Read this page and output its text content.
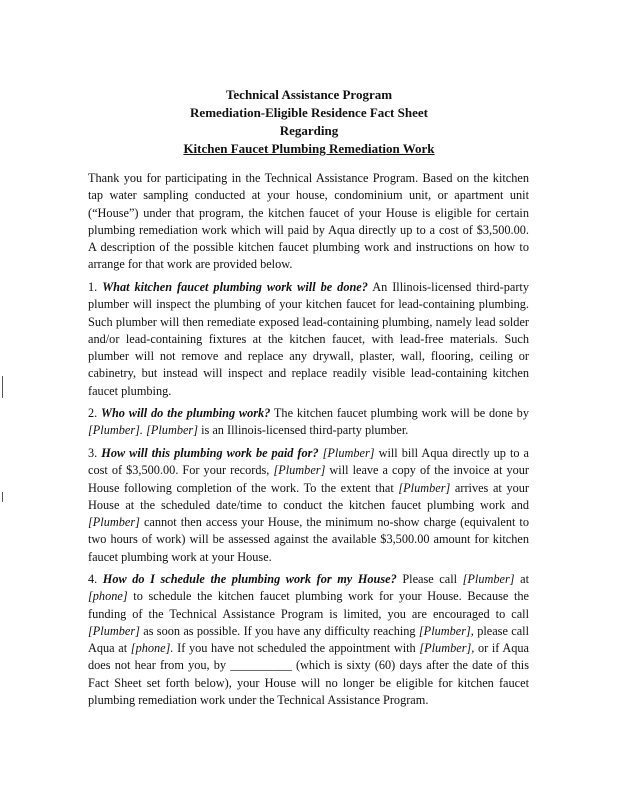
Technical Assistance Program
Remediation-Eligible Residence Fact Sheet
Regarding
Kitchen Faucet Plumbing Remediation Work

Thank you for participating in the Technical Assistance Program. Based on the kitchen tap water sampling conducted at your house, condominium unit, or apartment unit (“House”) under that program, the kitchen faucet of your House is eligible for certain plumbing remediation work which will paid by Aqua directly up to a cost of $3,500.00. A description of the possible kitchen faucet plumbing work and instructions on how to arrange for that work are provided below.

1. What kitchen faucet plumbing work will be done? An Illinois-licensed third-party plumber will inspect the plumbing of your kitchen faucet for lead-containing plumbing. Such plumber will then remediate exposed lead-containing plumbing, namely lead solder and/or lead-containing fixtures at the kitchen faucet, with lead-free materials. Such plumber will not remove and replace any drywall, plaster, wall, flooring, ceiling or cabinetry, but instead will inspect and replace readily visible lead-containing kitchen faucet plumbing.

2. Who will do the plumbing work? The kitchen faucet plumbing work will be done by [Plumber]. [Plumber] is an Illinois-licensed third-party plumber.

3. How will this plumbing work be paid for? [Plumber] will bill Aqua directly up to a cost of $3,500.00. For your records, [Plumber] will leave a copy of the invoice at your House following completion of the work. To the extent that [Plumber] arrives at your House at the scheduled date/time to conduct the kitchen faucet plumbing work and [Plumber] cannot then access your House, the minimum no-show charge (equivalent to two hours of work) will be assessed against the available $3,500.00 amount for kitchen faucet plumbing work at your House.

4. How do I schedule the plumbing work for my House? Please call [Plumber] at [phone] to schedule the kitchen faucet plumbing work for your House. Because the funding of the Technical Assistance Program is limited, you are encouraged to call [Plumber] as soon as possible. If you have any difficulty reaching [Plumber], please call Aqua at [phone]. If you have not scheduled the appointment with [Plumber], or if Aqua does not hear from you, by __________ (which is sixty (60) days after the date of this Fact Sheet set forth below), your House will no longer be eligible for kitchen faucet plumbing remediation work under the Technical Assistance Program.
